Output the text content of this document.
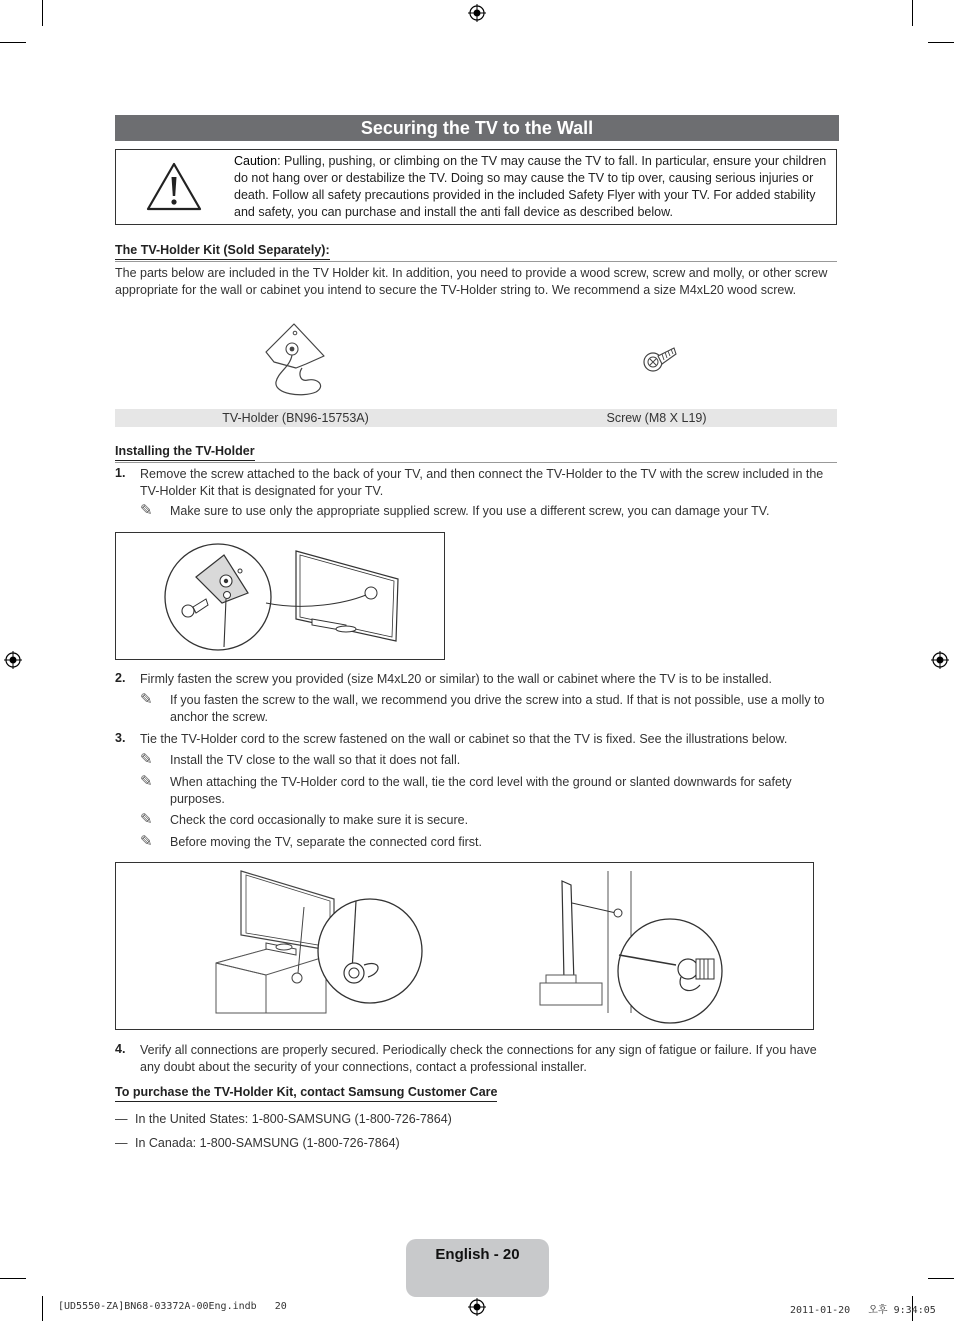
Securing the TV to the Wall
Caution: Pulling, pushing, or climbing on the TV may cause the TV to fall. In particular, ensure your children do not hang over or destabilize the TV. Doing so may cause the TV to tip over, causing serious injuries or death. Follow all safety precautions provided in the included Safety Flyer with your TV. For added stability and safety, you can purchase and install the anti fall device as described below.
The TV-Holder Kit (Sold Separately):
The parts below are included in the TV Holder kit. In addition, you need to provide a wood screw, screw and molly, or other screw appropriate for the wall or cabinet you intend to secure the TV-Holder string to. We recommend a size M4xL20 wood screw.
TV-Holder (BN96-15753A)	Screw (M8 X L19)
Installing the TV-Holder
1. Remove the screw attached to the back of your TV, and then connect the TV-Holder to the TV with the screw included in the TV-Holder Kit that is designated for your TV.
✎ Make sure to use only the appropriate supplied screw. If you use a different screw, you can damage your TV.
2. Firmly fasten the screw you provided (size M4xL20 or similar) to the wall or cabinet where the TV is to be installed.
✎ If you fasten the screw to the wall, we recommend you drive the screw into a stud. If that is not possible, use a molly to anchor the screw.
3. Tie the TV-Holder cord to the screw fastened on the wall or cabinet so that the TV is fixed. See the illustrations below.
✎ Install the TV close to the wall so that it does not fall.
✎ When attaching the TV-Holder cord to the wall, tie the cord level with the ground or slanted downwards for safety purposes.
✎ Check the cord occasionally to make sure it is secure.
✎ Before moving the TV, separate the connected cord first.
4. Verify all connections are properly secured. Periodically check the connections for any sign of fatigue or failure. If you have any doubt about the security of your connections, contact a professional installer.
To purchase the TV-Holder Kit, contact Samsung Customer Care
— In the United States: 1-800-SAMSUNG (1-800-726-7864)
— In Canada: 1-800-SAMSUNG (1-800-726-7864)
English - 20
[UD5550-ZA]BN68-03372A-00Eng.indb   20	2011-01-20   오후 9:34:05
